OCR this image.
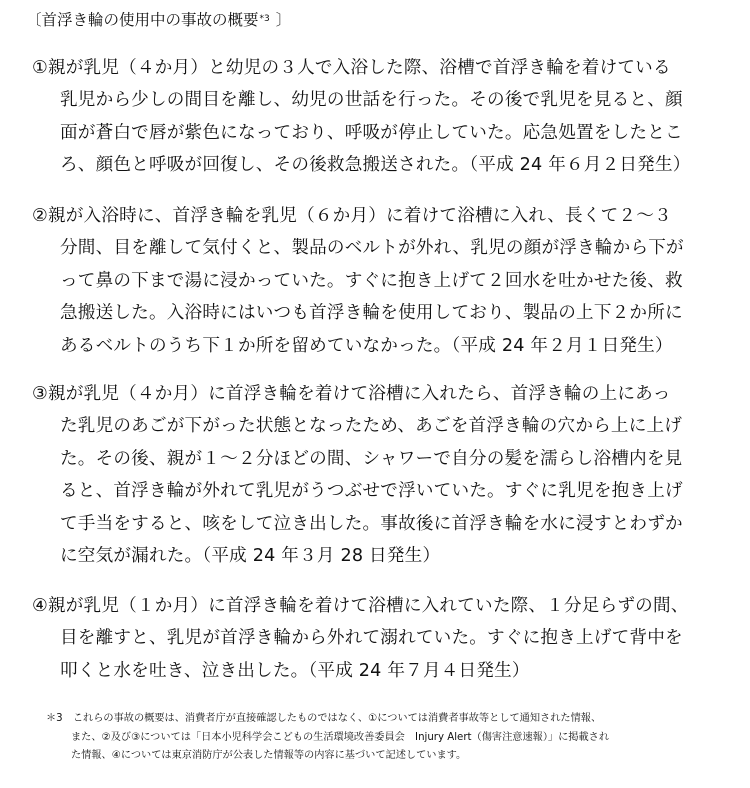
〔首浮き輪の使用中の事故の概要$^{*3}$ 〕
①親が乳児（４か月）と幼児の３人で入浴した際、浴槽で首浮き輪を着けている
乳児から少しの間目を離し、幼児の世話を行った。その後で乳児を見ると、顔
面が蒼白で唇が紫色になっており、呼吸が停止していた。応急処置をしたとこ
ろ、顔色と呼吸が回復し、その後救急搬送された。（平成 24 年６月２日発生）
②親が入浴時に、首浮き輪を乳児（６か月）に着けて浴槽に入れ、長くて２～３
分間、目を離して気付くと、製品のベルトが外れ、乳児の顔が浮き輪から下が
って鼻の下まで湯に浸かっていた。すぐに抱き上げて２回水を吐かせた後、救
急搬送した。入浴時にはいつも首浮き輪を使用しており、製品の上下２か所に
あるベルトのうち下１か所を留めていなかった。（平成 24 年２月１日発生）
③親が乳児（４か月）に首浮き輪を着けて浴槽に入れたら、首浮き輪の上にあっ
た乳児のあごが下がった状態となったため、あごを首浮き輪の穴から上に上げ
た。その後、親が１～２分ほどの間、シャワーで自分の髪を濡らし浴槽内を見
ると、首浮き輪が外れて乳児がうつぶせで浮いていた。すぐに乳児を抱き上げ
て手当をすると、咳をして泣き出した。事故後に首浮き輪を水に浸すとわずか
に空気が漏れた。（平成 24 年３月 28 日発生）
④親が乳児（１か月）に首浮き輪を着けて浴槽に入れていた際、１分足らずの間、
目を離すと、乳児が首浮き輪から外れて溺れていた。すぐに抱き上げて背中を
叩くと水を吐き、泣き出した。（平成 24 年７月４日発生）
＊3　これらの事故の概要は、消費者庁が直接確認したものではなく、①については消費者事故等として通知された情報、
また、②及び③については「日本小児科学会こどもの生活環境改善委員会　Injury Alert（傷害注意速報）」に掲載され
た情報、④については東京消防庁が公表した情報等の内容に基づいて記述しています。
